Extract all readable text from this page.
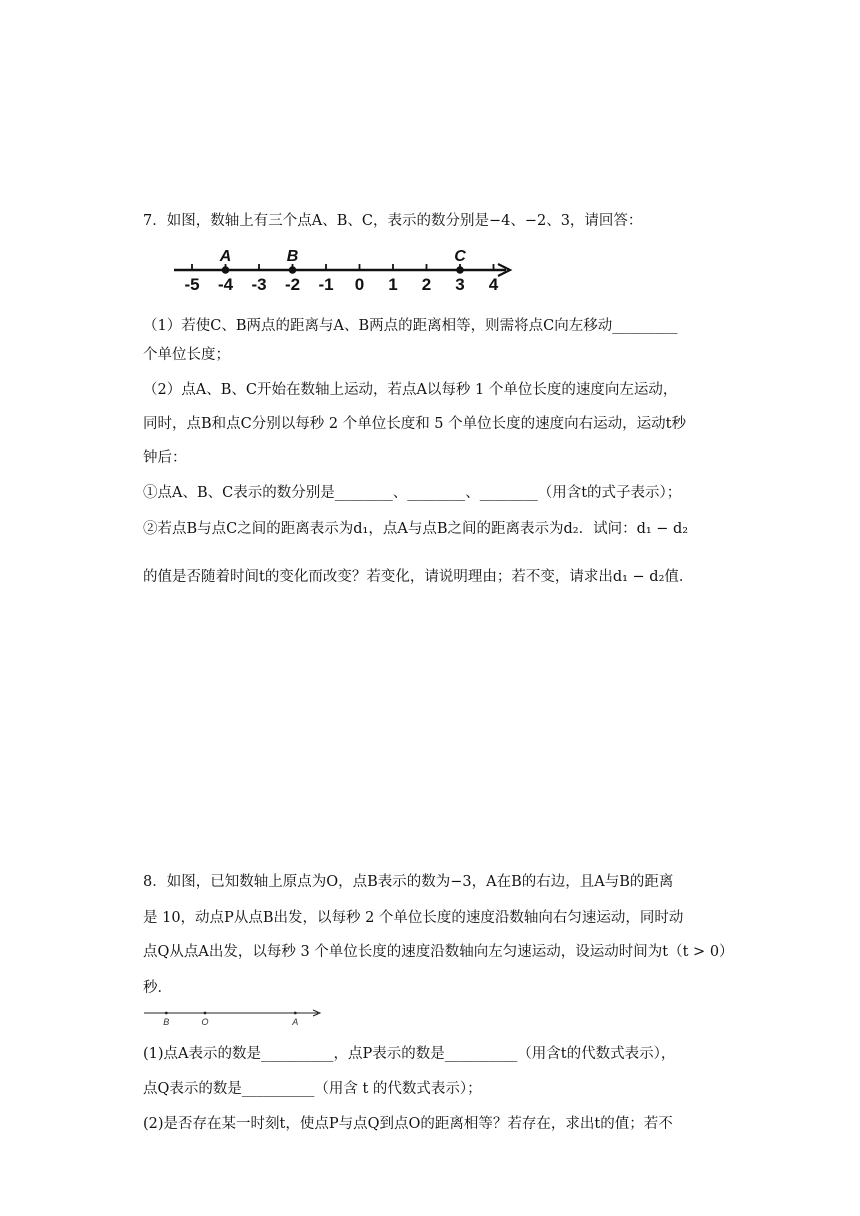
7．如图，数轴上有三个点A、B、C，表示的数分别是−4、−2、3，请回答：
-5 -4 -3 -2 -1 0 1 2 3 4
A	B	C
（1）若使C、B两点的距离与A、B两点的距离相等，则需将点C向左移动_________
个单位长度；
（2）点A、B、C开始在数轴上运动，若点A以每秒 1 个单位长度的速度向左运动，
同时，点B和点C分别以每秒 2 个单位长度和 5 个单位长度的速度向右运动，运动t秒
钟后：
①点A、B、C表示的数分别是________、________、________（用含t的式子表示）；
②若点B与点C之间的距离表示为d₁，点A与点B之间的距离表示为d₂．试问：d₁ − d₂
的值是否随着时间t的变化而改变？若变化，请说明理由；若不变，请求出d₁ − d₂值．
8．如图，已知数轴上原点为O，点B表示的数为−3，A在B的右边，且A与B的距离
是 10，动点P从点B出发，以每秒 2 个单位长度的速度沿数轴向右匀速运动，同时动
点Q从点A出发，以每秒 3 个单位长度的速度沿数轴向左匀速运动，设运动时间为t（t > 0）
秒．
B	O	A
(1)点A表示的数是__________，点P表示的数是__________（用含t的代数式表示），
点Q表示的数是__________（用含 t 的代数式表示）；
(2)是否存在某一时刻t，使点P与点Q到点O的距离相等？若存在，求出t的值；若不
